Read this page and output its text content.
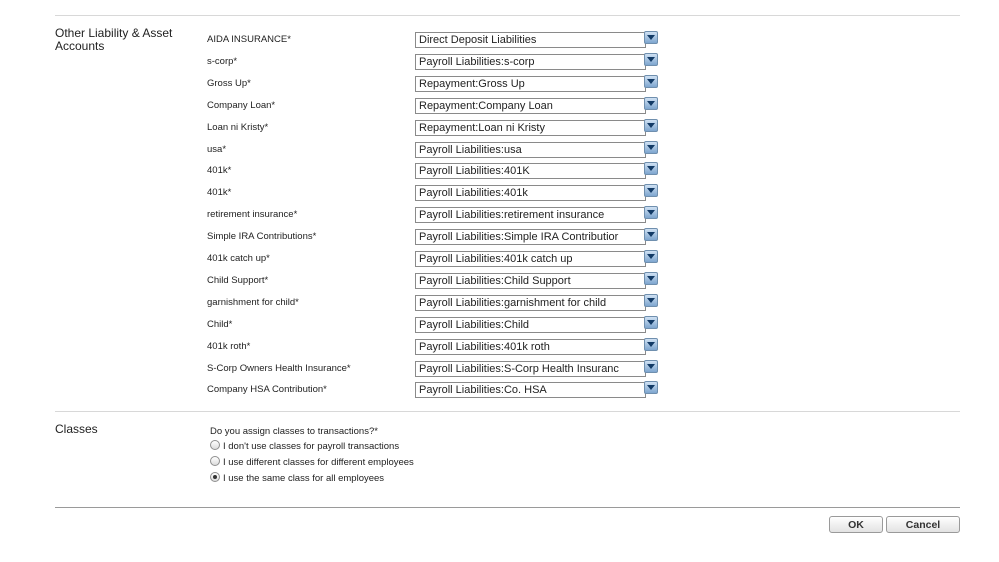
Other Liability & Asset Accounts	AIDA INSURANCE*	Direct Deposit Liabilities
s-corp*	Payroll Liabilities:s-corp
Gross Up*	Repayment:Gross Up
Company Loan*	Repayment:Company Loan
Loan ni Kristy*	Repayment:Loan ni Kristy
usa*	Payroll Liabilities:usa
401k*	Payroll Liabilities:401K
401k*	Payroll Liabilities:401k
retirement insurance*	Payroll Liabilities:retirement insurance
Simple IRA Contributions*	Payroll Liabilities:Simple IRA Contributior
401k catch up*	Payroll Liabilities:401k catch up
Child Support*	Payroll Liabilities:Child Support
garnishment for child*	Payroll Liabilities:garnishment for child
Child*	Payroll Liabilities:Child
401k roth*	Payroll Liabilities:401k roth
S-Corp Owners Health Insurance*	Payroll Liabilities:S-Corp Health Insuranc
Company HSA Contribution*	Payroll Liabilities:Co. HSA
Classes	Do you assign classes to transactions?*
I don't use classes for payroll transactions
I use different classes for different employees
I use the same class for all employees
OK	Cancel
